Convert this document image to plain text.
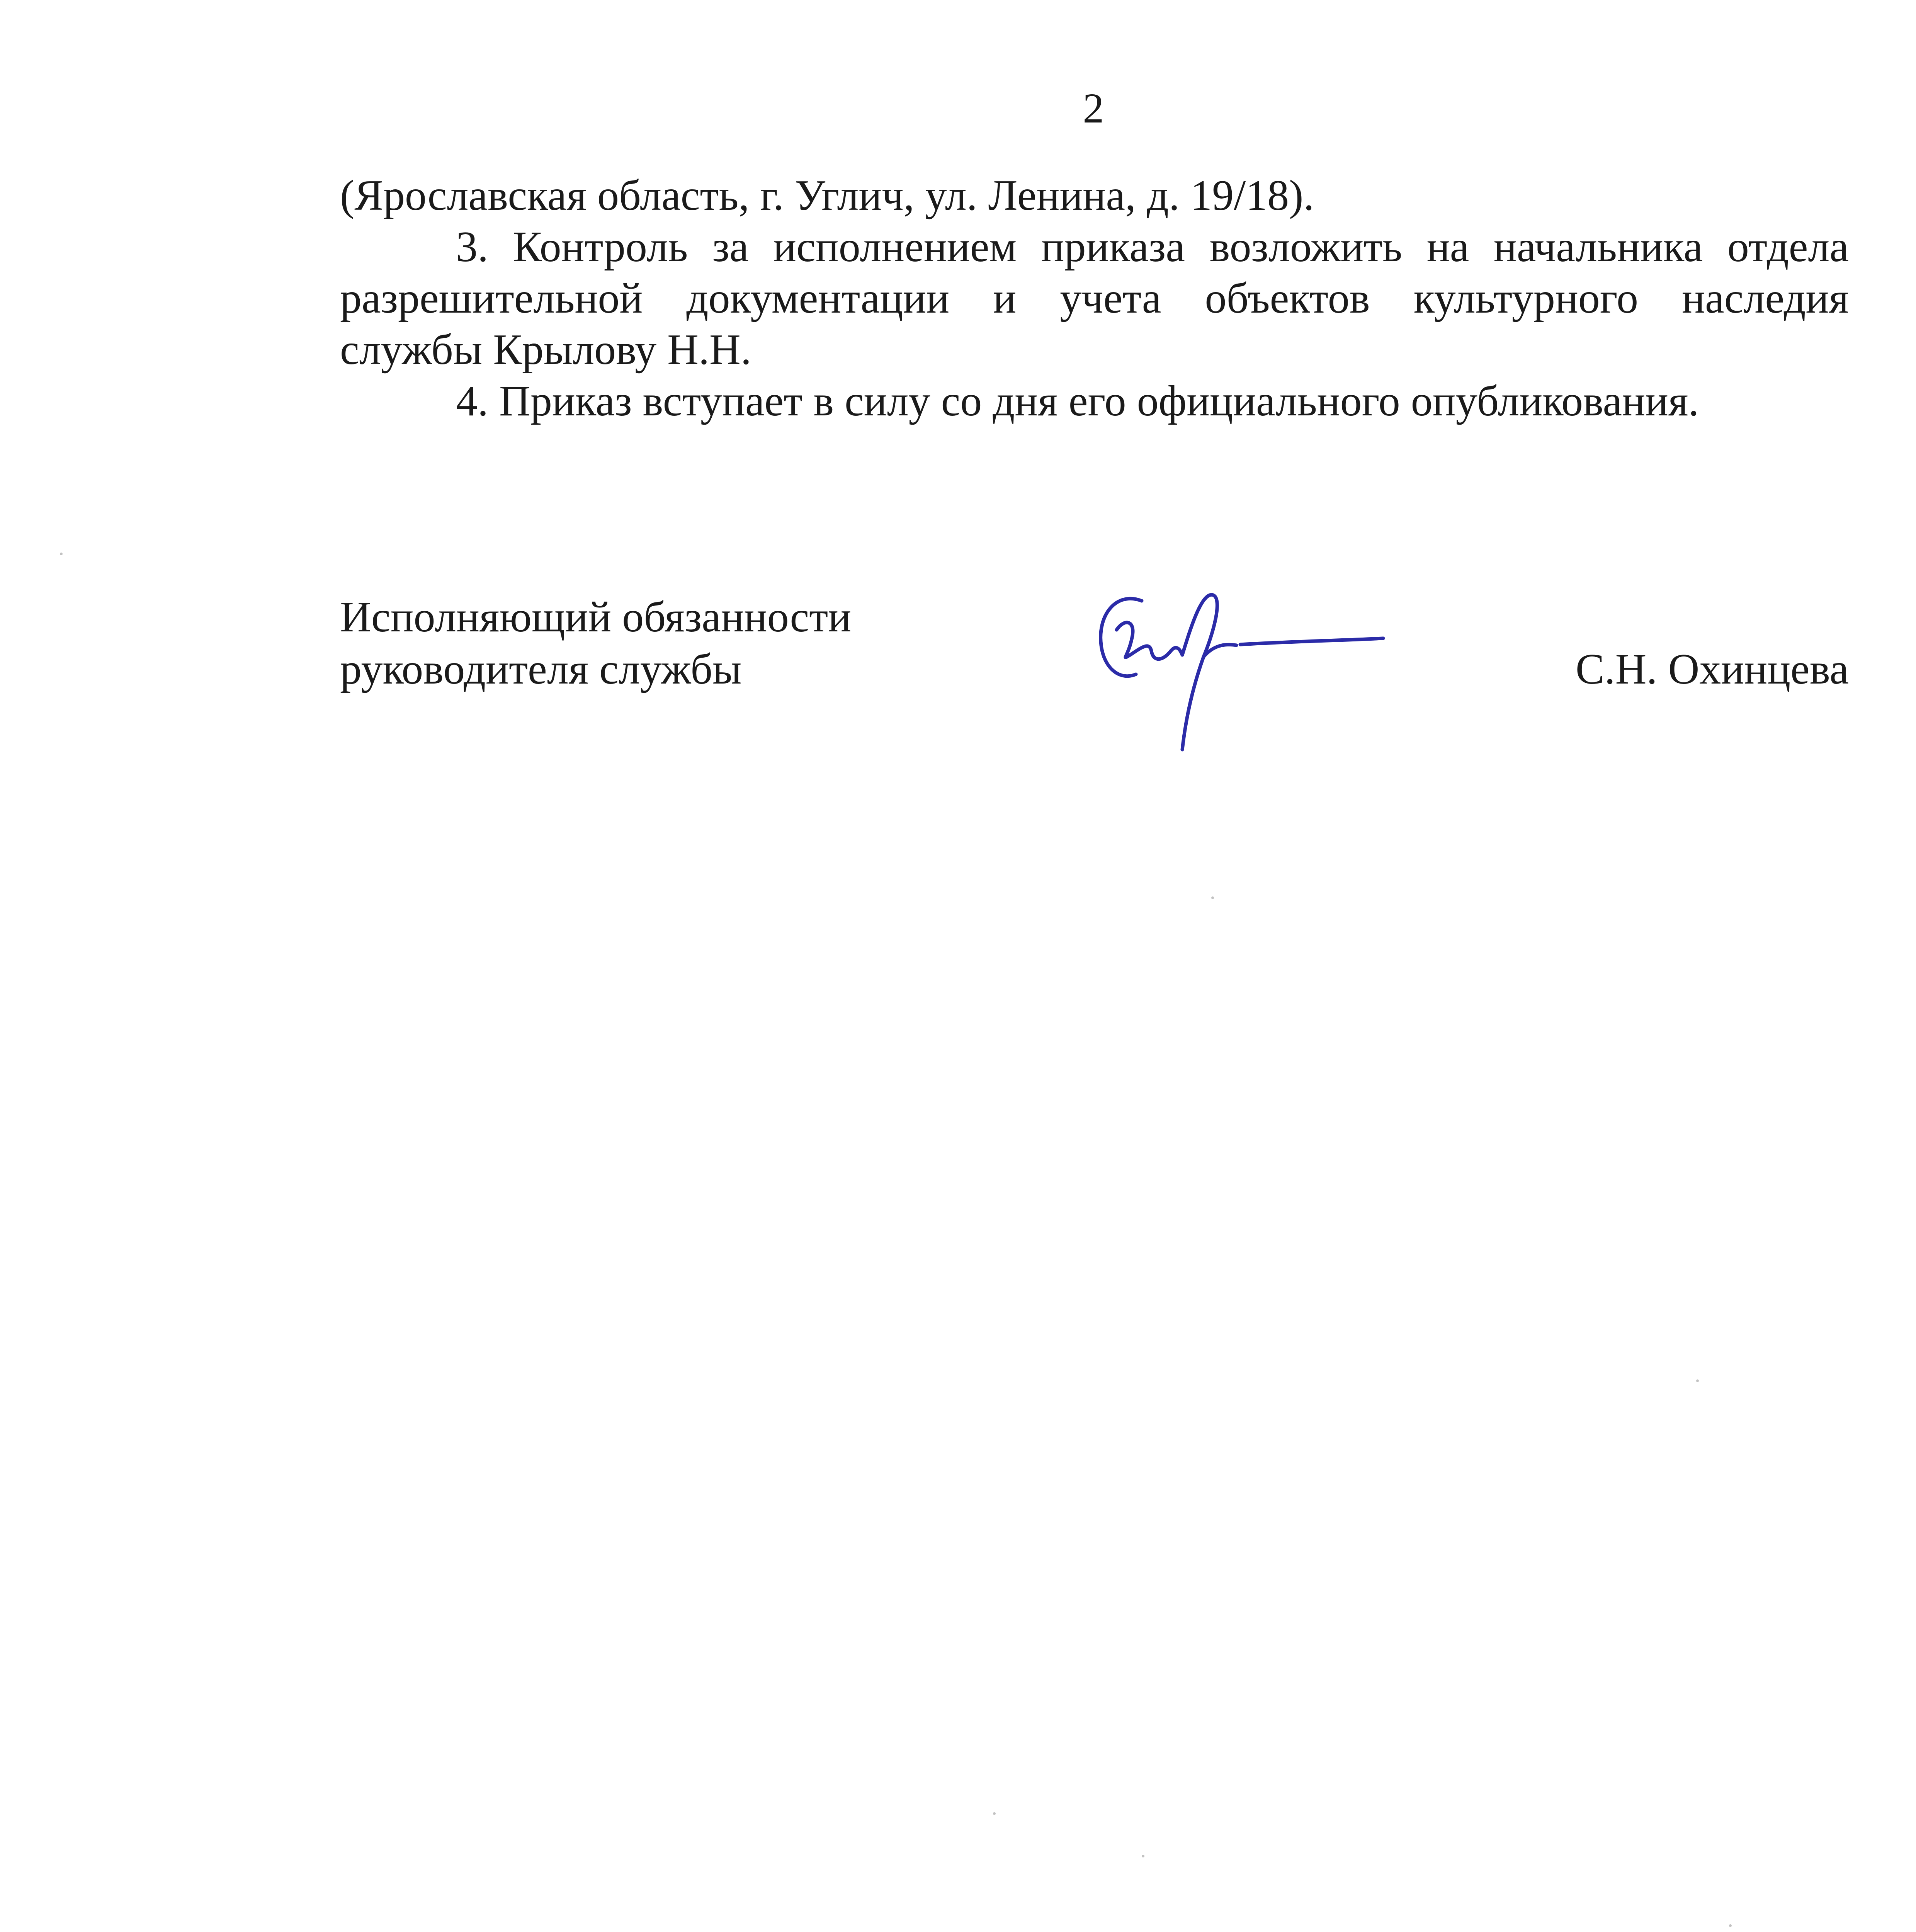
2

(Ярославская область, г. Углич, ул. Ленина, д. 19/18).

3. Контроль за исполнением приказа возложить на начальника отдела

разрешительной документации и учета объектов культурного наследия

службы Крылову Н.Н.

4. Приказ вступает в силу со дня его официального опубликования.

Исполняющий обязанности
руководителя службы	С.Н. Охинцева
